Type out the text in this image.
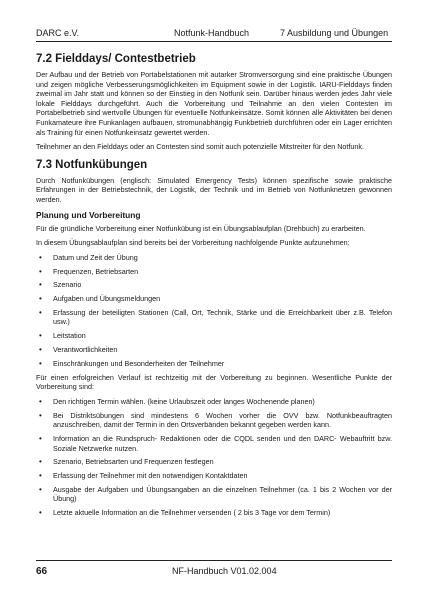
DARC e.V.	Notfunk-Handbuch	7 Ausbildung und Übungen
7.2 Fielddays/ Contestbetrieb

Der Aufbau und der Betrieb von Portabelstationen mit autarker Stromversorgung sind eine praktische Übungen und zeigen mögliche Verbesserungsmöglichkeiten im Equipment sowie in der Logistik. IARU-Fielddays finden zweimal im Jahr statt und können so der Einstieg in den Notfunk sein. Darüber hinaus werden jedes Jahr viele lokale Fielddays durchgeführt. Auch die Vorbereitung und Teilnahme an den vielen Contesten im Portabelbetrieb sind wertvolle Übungen für eventuelle Notfunkeinsätze. Somit können alle Aktivitäten bei denen Funkamateure ihre Funkanlagen aufbauen, stromunabhängig Funkbetrieb durchführen oder ein Lager errichten als Training für einen Notfunkeinsatz gewertet werden.

Teilnehmer an den Fielddays oder an Contesten sind somit auch potenzielle Mitstreiter für den Notfunk.

7.3 Notfunkübungen

Durch Notfunkübungen (englisch: Simulated Emergency Tests) können spezifische sowie praktische Erfahrungen in der Betriebstechnik, der Logistik, der Technik und im Betrieb von Notfunknetzen gewonnen werden.

Planung und Vorbereitung

Für die gründliche Vorbereitung einer Notfunkübung ist ein Übungsablaufplan (Drehbuch) zu erarbeiten.

In diesem Übungsablaufplan sind bereits bei der Vorbereitung nachfolgende Punkte aufzunehmen:

• Datum und Zeit der Übung
• Frequenzen, Betriebsarten
• Szenario
• Aufgaben und Übungsmeldungen
• Erfassung der beteiligten Stationen (Call, Ort, Technik, Stärke und die Erreichbarkeit über z.B. Telefon usw.)
• Leitstation
• Verantwortlichkeiten
• Einschränkungen und Besonderheiten der Teilnehmer

Für einen erfolgreichen Verlauf ist rechtzeitig mit der Vorbereitung zu beginnen. Wesentliche Punkte der Vorbereitung sind:

• Den richtigen Termin wählen. (keine Urlaubszeit oder langes Wochenende planen)
• Bei Distriktsübungen sind mindestens 6 Wochen vorher die OVV bzw. Notfunkbeauftragten anzuschreiben, damit der Termin in den Ortsverbänden bekannt gegeben werden kann.
• Information an die Rundspruch- Redaktionen oder die CQDL senden und den DARC- Webauftritt bzw. Soziale Netzwerke nutzen.
• Szenario, Betriebsarten und Frequenzen festlegen
• Erfassung der Teilnehmer mit den notwendigen Kontaktdaten
• Ausgabe der Aufgaben und Übungsangaben an die einzelnen Teilnehmer (ca. 1 bis 2 Wochen vor der Übung)
• Letzte aktuelle Information an die Teilnehmer versenden ( 2 bis 3 Tage vor dem Termin)
66	NF-Handbuch V01.02.004
